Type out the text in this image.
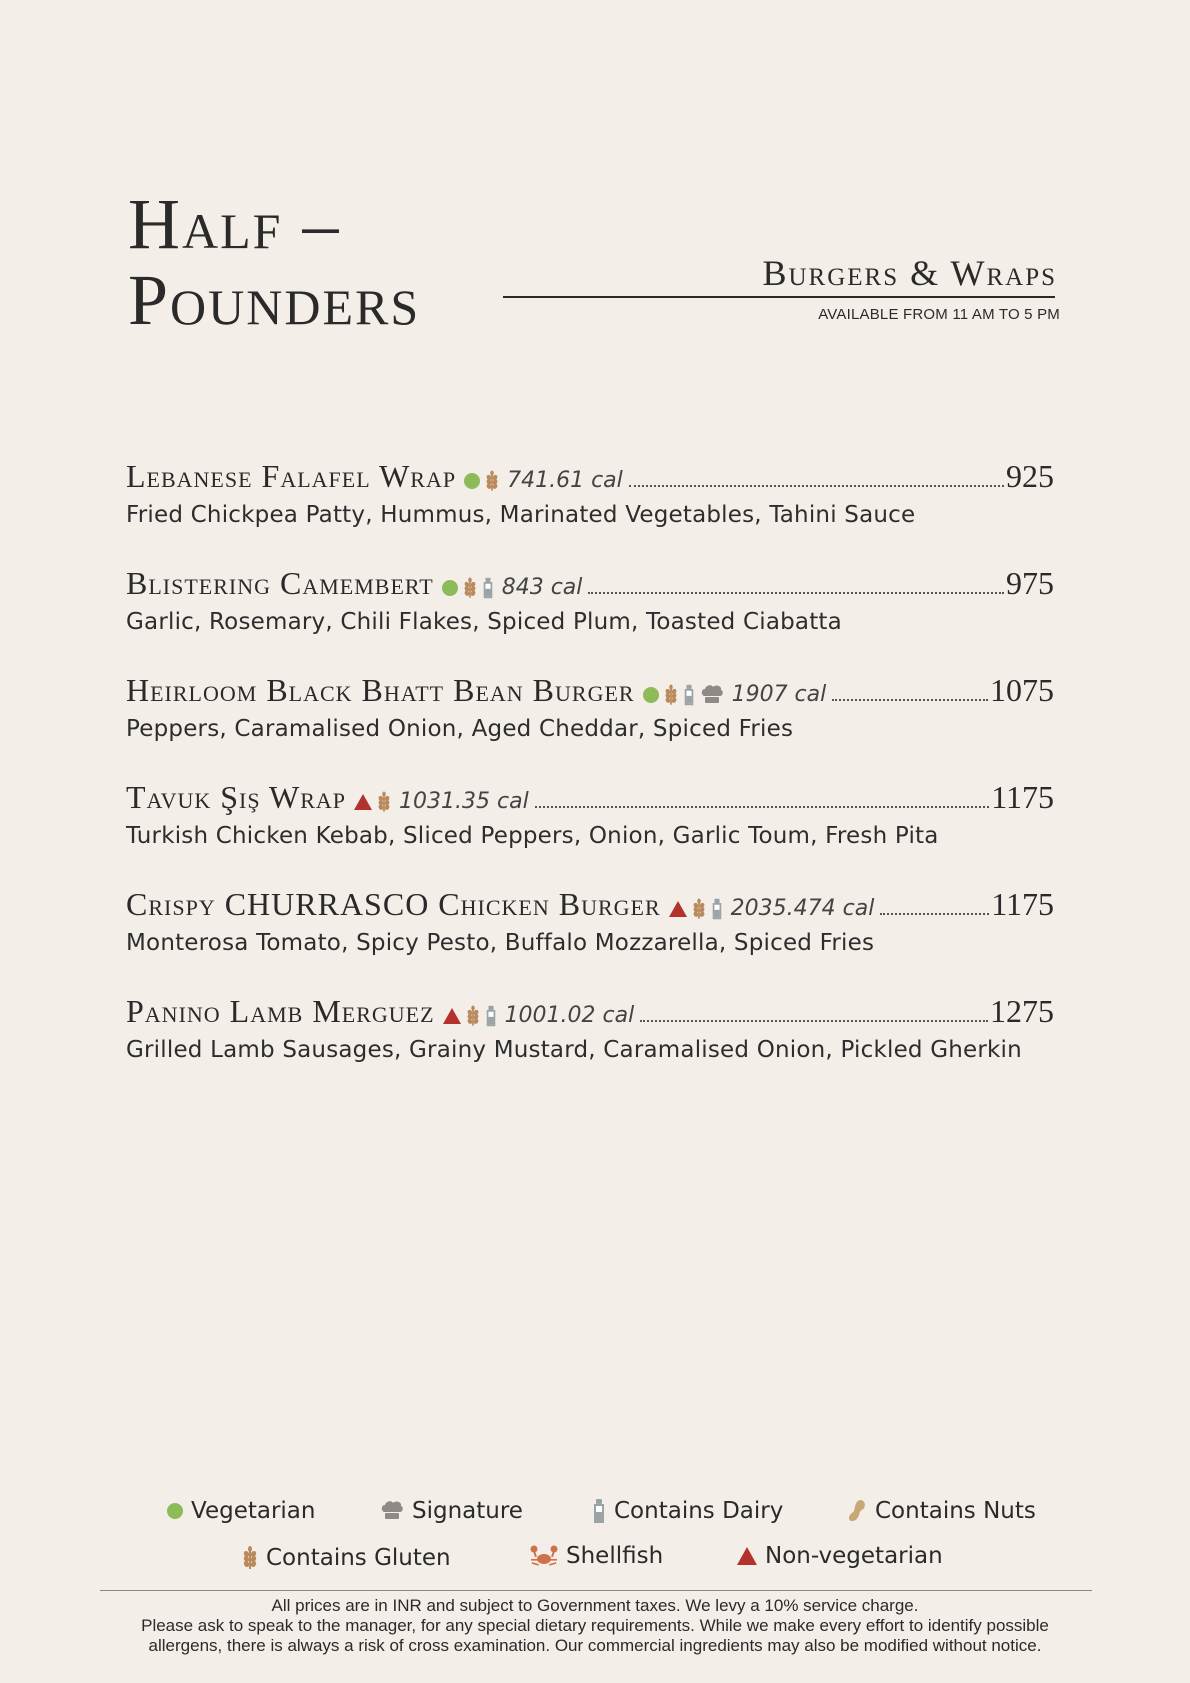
Half –
Pounders	Burgers & Wraps
AVAILABLE FROM 11 AM TO 5 PM
Lebanese Falafel Wrap 741.61 cal	925
Fried Chickpea Patty, Hummus, Marinated Vegetables, Tahini Sauce
Blistering Camembert	843 cal	975
Garlic, Rosemary, Chili Flakes, Spiced Plum, Toasted Ciabatta
Heirloom Black Bhatt Bean Burger	1907 cal	1075
Peppers, Caramalised Onion, Aged Cheddar, Spiced Fries
Tavuk Şiş Wrap 1031.35 cal	1175
Turkish Chicken Kebab, Sliced Peppers, Onion, Garlic Toum, Fresh Pita
Crispy CHURRASCO Chicken Burger	2035.474 cal	1175
Monterosa Tomato, Spicy Pesto, Buffalo Mozzarella, Spiced Fries
Panino Lamb Merguez	1001.02 cal	1275
Grilled Lamb Sausages, Grainy Mustard, Caramalised Onion, Pickled Gherkin
Vegetarian	Signature	Contains Dairy	Contains Nuts
Contains Gluten	Shellfish	Non-vegetarian
All prices are in INR and subject to Government taxes. We levy a 10% service charge.
Please ask to speak to the manager, for any special dietary requirements. While we make every effort to identify possible
allergens, there is always a risk of cross examination. Our commercial ingredients may also be modified without notice.
